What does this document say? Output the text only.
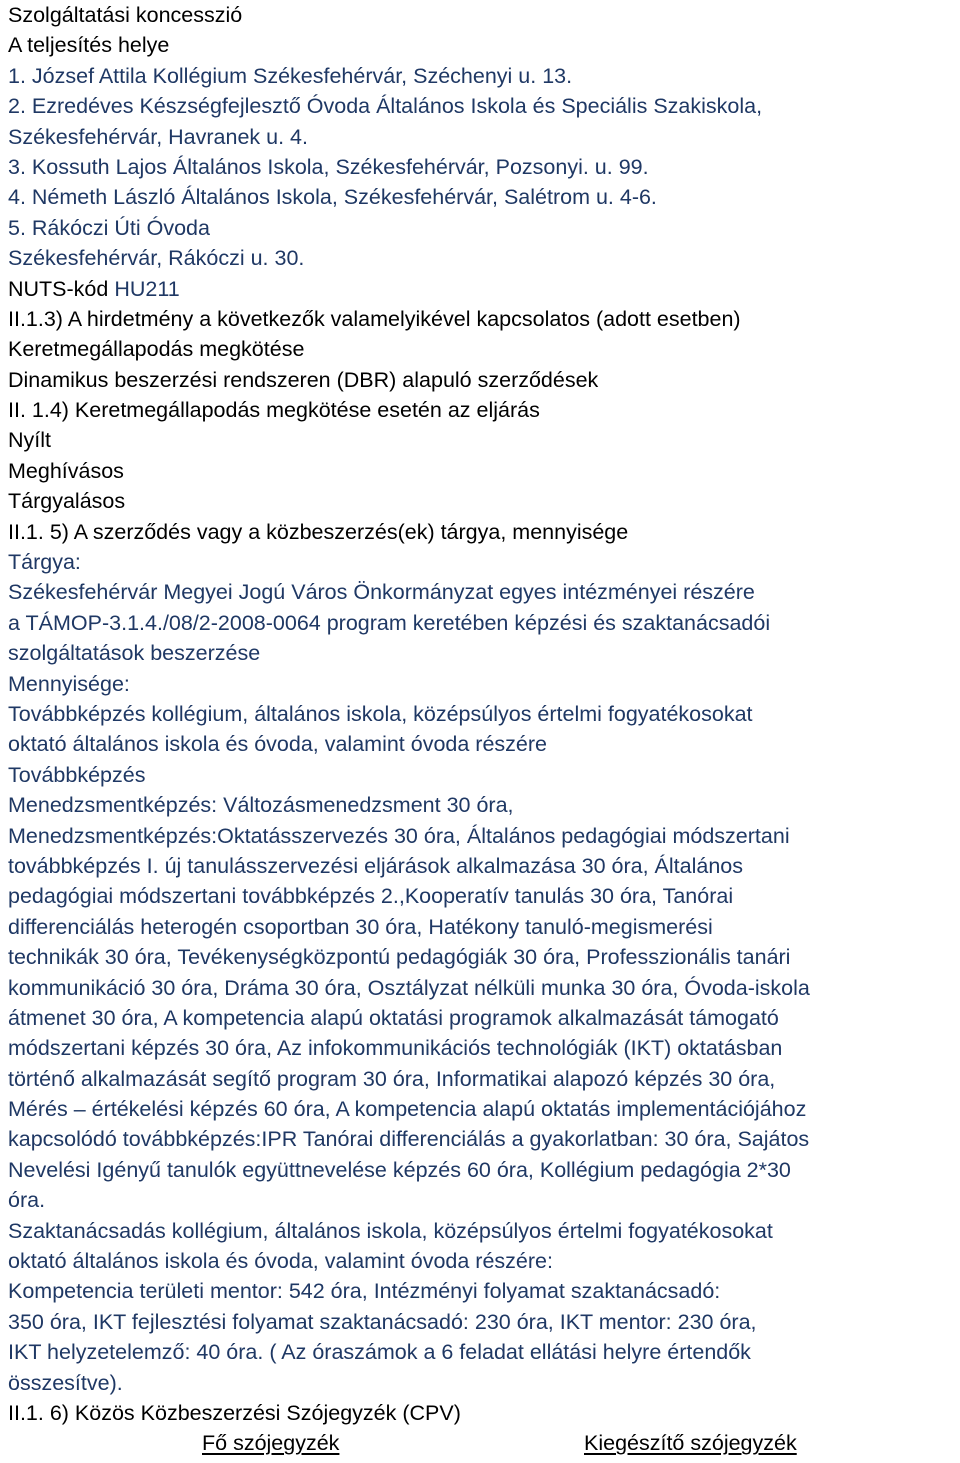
Szolgáltatási koncesszió
A teljesítés helye
1. József Attila Kollégium Székesfehérvár, Széchenyi u. 13.
2. Ezredéves Készségfejlesztő Óvoda Általános Iskola és Speciális Szakiskola,
Székesfehérvár, Havranek u. 4.
3. Kossuth Lajos Általános Iskola, Székesfehérvár, Pozsonyi. u. 99.
4. Németh László Általános Iskola, Székesfehérvár, Salétrom u. 4-6.
5. Rákóczi Úti Óvoda
Székesfehérvár, Rákóczi u. 30.
NUTS-kód HU211
II.1.3) A hirdetmény a következők valamelyikével kapcsolatos (adott esetben)
Keretmegállapodás megkötése
Dinamikus beszerzési rendszeren (DBR) alapuló szerződések
II. 1.4) Keretmegállapodás megkötése esetén az eljárás
Nyílt
Meghívásos
Tárgyalásos
II.1. 5) A szerződés vagy a közbeszerzés(ek) tárgya, mennyisége
Tárgya:
Székesfehérvár Megyei Jogú Város Önkormányzat egyes intézményei részére
a TÁMOP-3.1.4./08/2-2008-0064 program keretében képzési és szaktanácsadói
szolgáltatások beszerzése
Mennyisége:
Továbbképzés kollégium, általános iskola, középsúlyos értelmi fogyatékosokat
oktató általános iskola és óvoda, valamint óvoda részére
Továbbképzés
Menedzsmentképzés: Változásmenedzsment 30 óra,
Menedzsmentképzés:Oktatásszervezés 30 óra, Általános pedagógiai módszertani
továbbképzés I. új tanulásszervezési eljárások alkalmazása 30 óra, Általános
pedagógiai módszertani továbbképzés 2.,Kooperatív tanulás 30 óra, Tanórai
differenciálás heterogén csoportban 30 óra, Hatékony tanuló-megismerési
technikák 30 óra, Tevékenységközpontú pedagógiák 30 óra, Professzionális tanári
kommunikáció 30 óra, Dráma 30 óra, Osztályzat nélküli munka 30 óra, Óvoda-iskola
átmenet 30 óra, A kompetencia alapú oktatási programok alkalmazását támogató
módszertani képzés 30 óra, Az infokommunikációs technológiák (IKT) oktatásban
történő alkalmazását segítő program 30 óra, Informatikai alapozó képzés 30 óra,
Mérés – értékelési képzés 60 óra, A kompetencia alapú oktatás implementációjához
kapcsolódó továbbképzés:IPR Tanórai differenciálás a gyakorlatban: 30 óra, Sajátos
Nevelési Igényű tanulók együttnevelése képzés 60 óra, Kollégium pedagógia 2*30
óra.
Szaktanácsadás kollégium, általános iskola, középsúlyos értelmi fogyatékosokat
oktató általános iskola és óvoda, valamint óvoda részére:
Kompetencia területi mentor: 542 óra, Intézményi folyamat szaktanácsadó:
350 óra, IKT fejlesztési folyamat szaktanácsadó: 230 óra, IKT mentor: 230 óra,
IKT helyzetelemző: 40 óra. ( Az óraszámok a 6 feladat ellátási helyre értendők
összesítve).
II.1. 6) Közös Közbeszerzési Szójegyzék (CPV)
Fő szójegyzék	Kiegészítő szójegyzék
